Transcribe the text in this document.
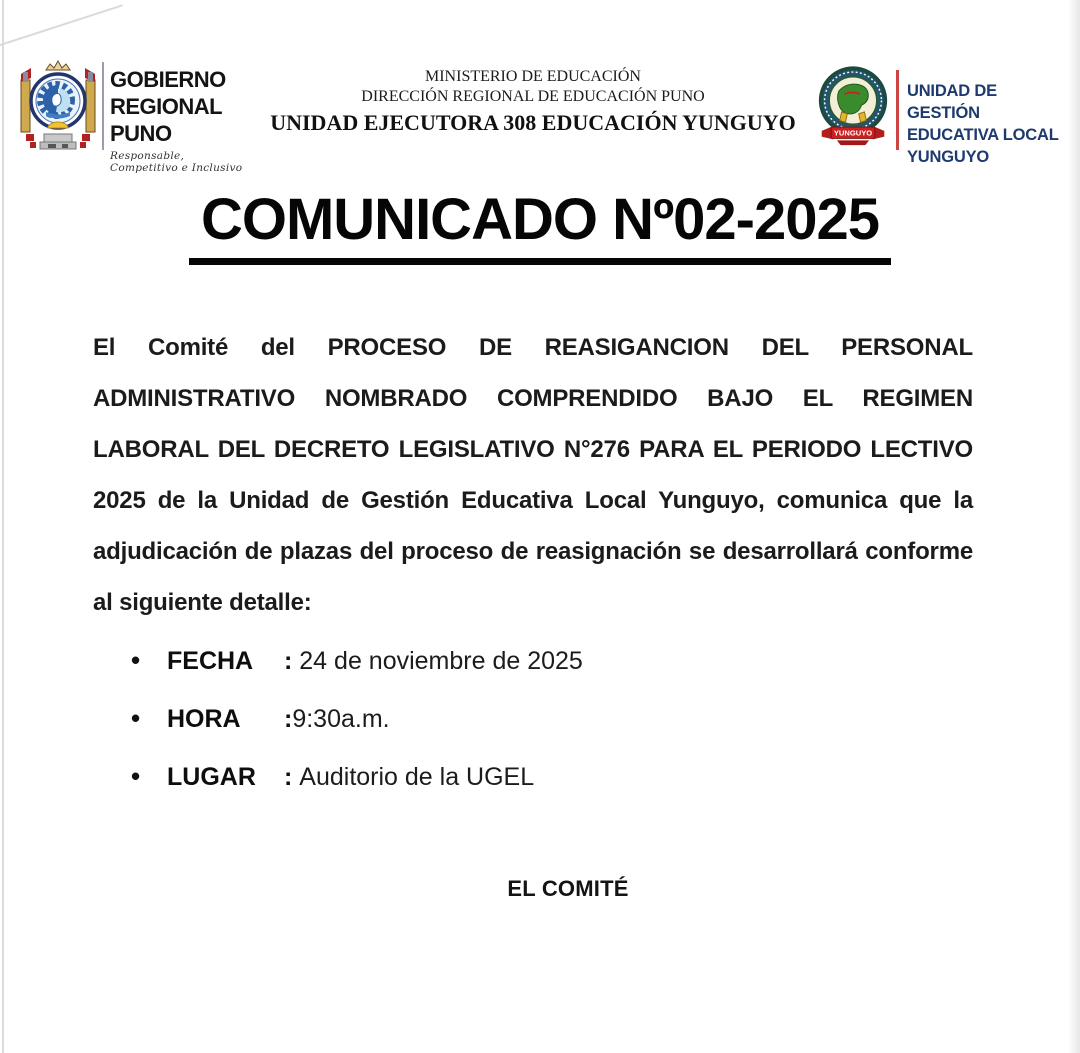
GOBIERNO
REGIONAL
PUNO
Responsable, Competitivo e Inclusivo
MINISTERIO DE EDUCACIÓN
DIRECCIÓN REGIONAL DE EDUCACIÓN PUNO
UNIDAD EJECUTORA 308 EDUCACIÓN YUNGUYO	YUNGUYO
UNIDAD DE GESTIÓN
EDUCATIVA LOCAL
YUNGUYO
COMUNICADO Nº02-2025

El Comité del PROCESO DE REASIGANCION DEL PERSONAL ADMINISTRATIVO NOMBRADO COMPRENDIDO BAJO EL REGIMEN LABORAL DEL DECRETO LEGISLATIVO N°276 PARA EL PERIODO LECTIVO 2025 de la Unidad de Gestión Educativa Local Yunguyo, comunica que la adjudicación de plazas del proceso de reasignación se desarrollará conforme al siguiente detalle:

•	FECHA	: 24 de noviembre de 2025
•	HORA	: 9:30a.m.
•	LUGAR	: Auditorio de la UGEL
EL COMITÉ
